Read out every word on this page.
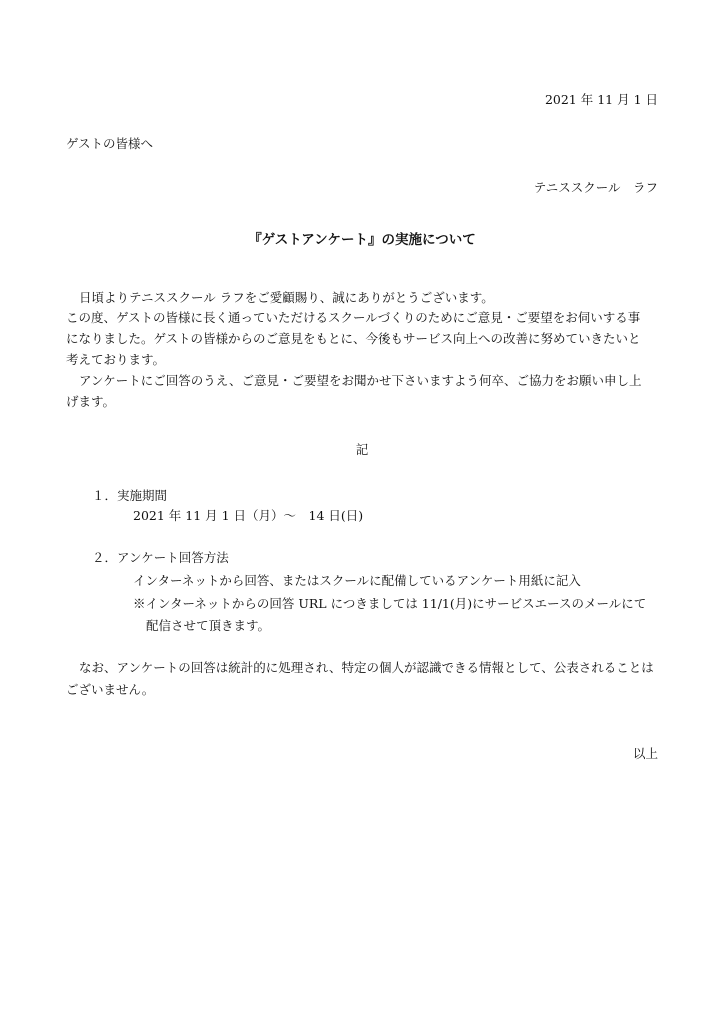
2021 年 11 月 1 日
ゲストの皆様へ
テニススクール　ラフ
『ゲストアンケート』の実施について
日頃よりテニススクール ラフをご愛顧賜り、誠にありがとうございます。
この度、ゲストの皆様に長く通っていただけるスクールづくりのためにご意見・ご要望をお伺いする事
になりました。ゲストの皆様からのご意見をもとに、今後もサービス向上への改善に努めていきたいと
考えております。
アンケートにご回答のうえ、ご意見・ご要望をお聞かせ下さいますよう何卒、ご協力をお願い申し上
げます。
記
１．実施期間
2021 年 11 月 1 日（月）～　14 日(日)
２．アンケート回答方法
インターネットから回答、またはスクールに配備しているアンケート用紙に記入
※インターネットからの回答 URL につきましては 11/1(月)にサービスエースのメールにて
配信させて頂きます。
なお、アンケートの回答は統計的に処理され、特定の個人が認識できる情報として、公表されることは
ございません。
以上
